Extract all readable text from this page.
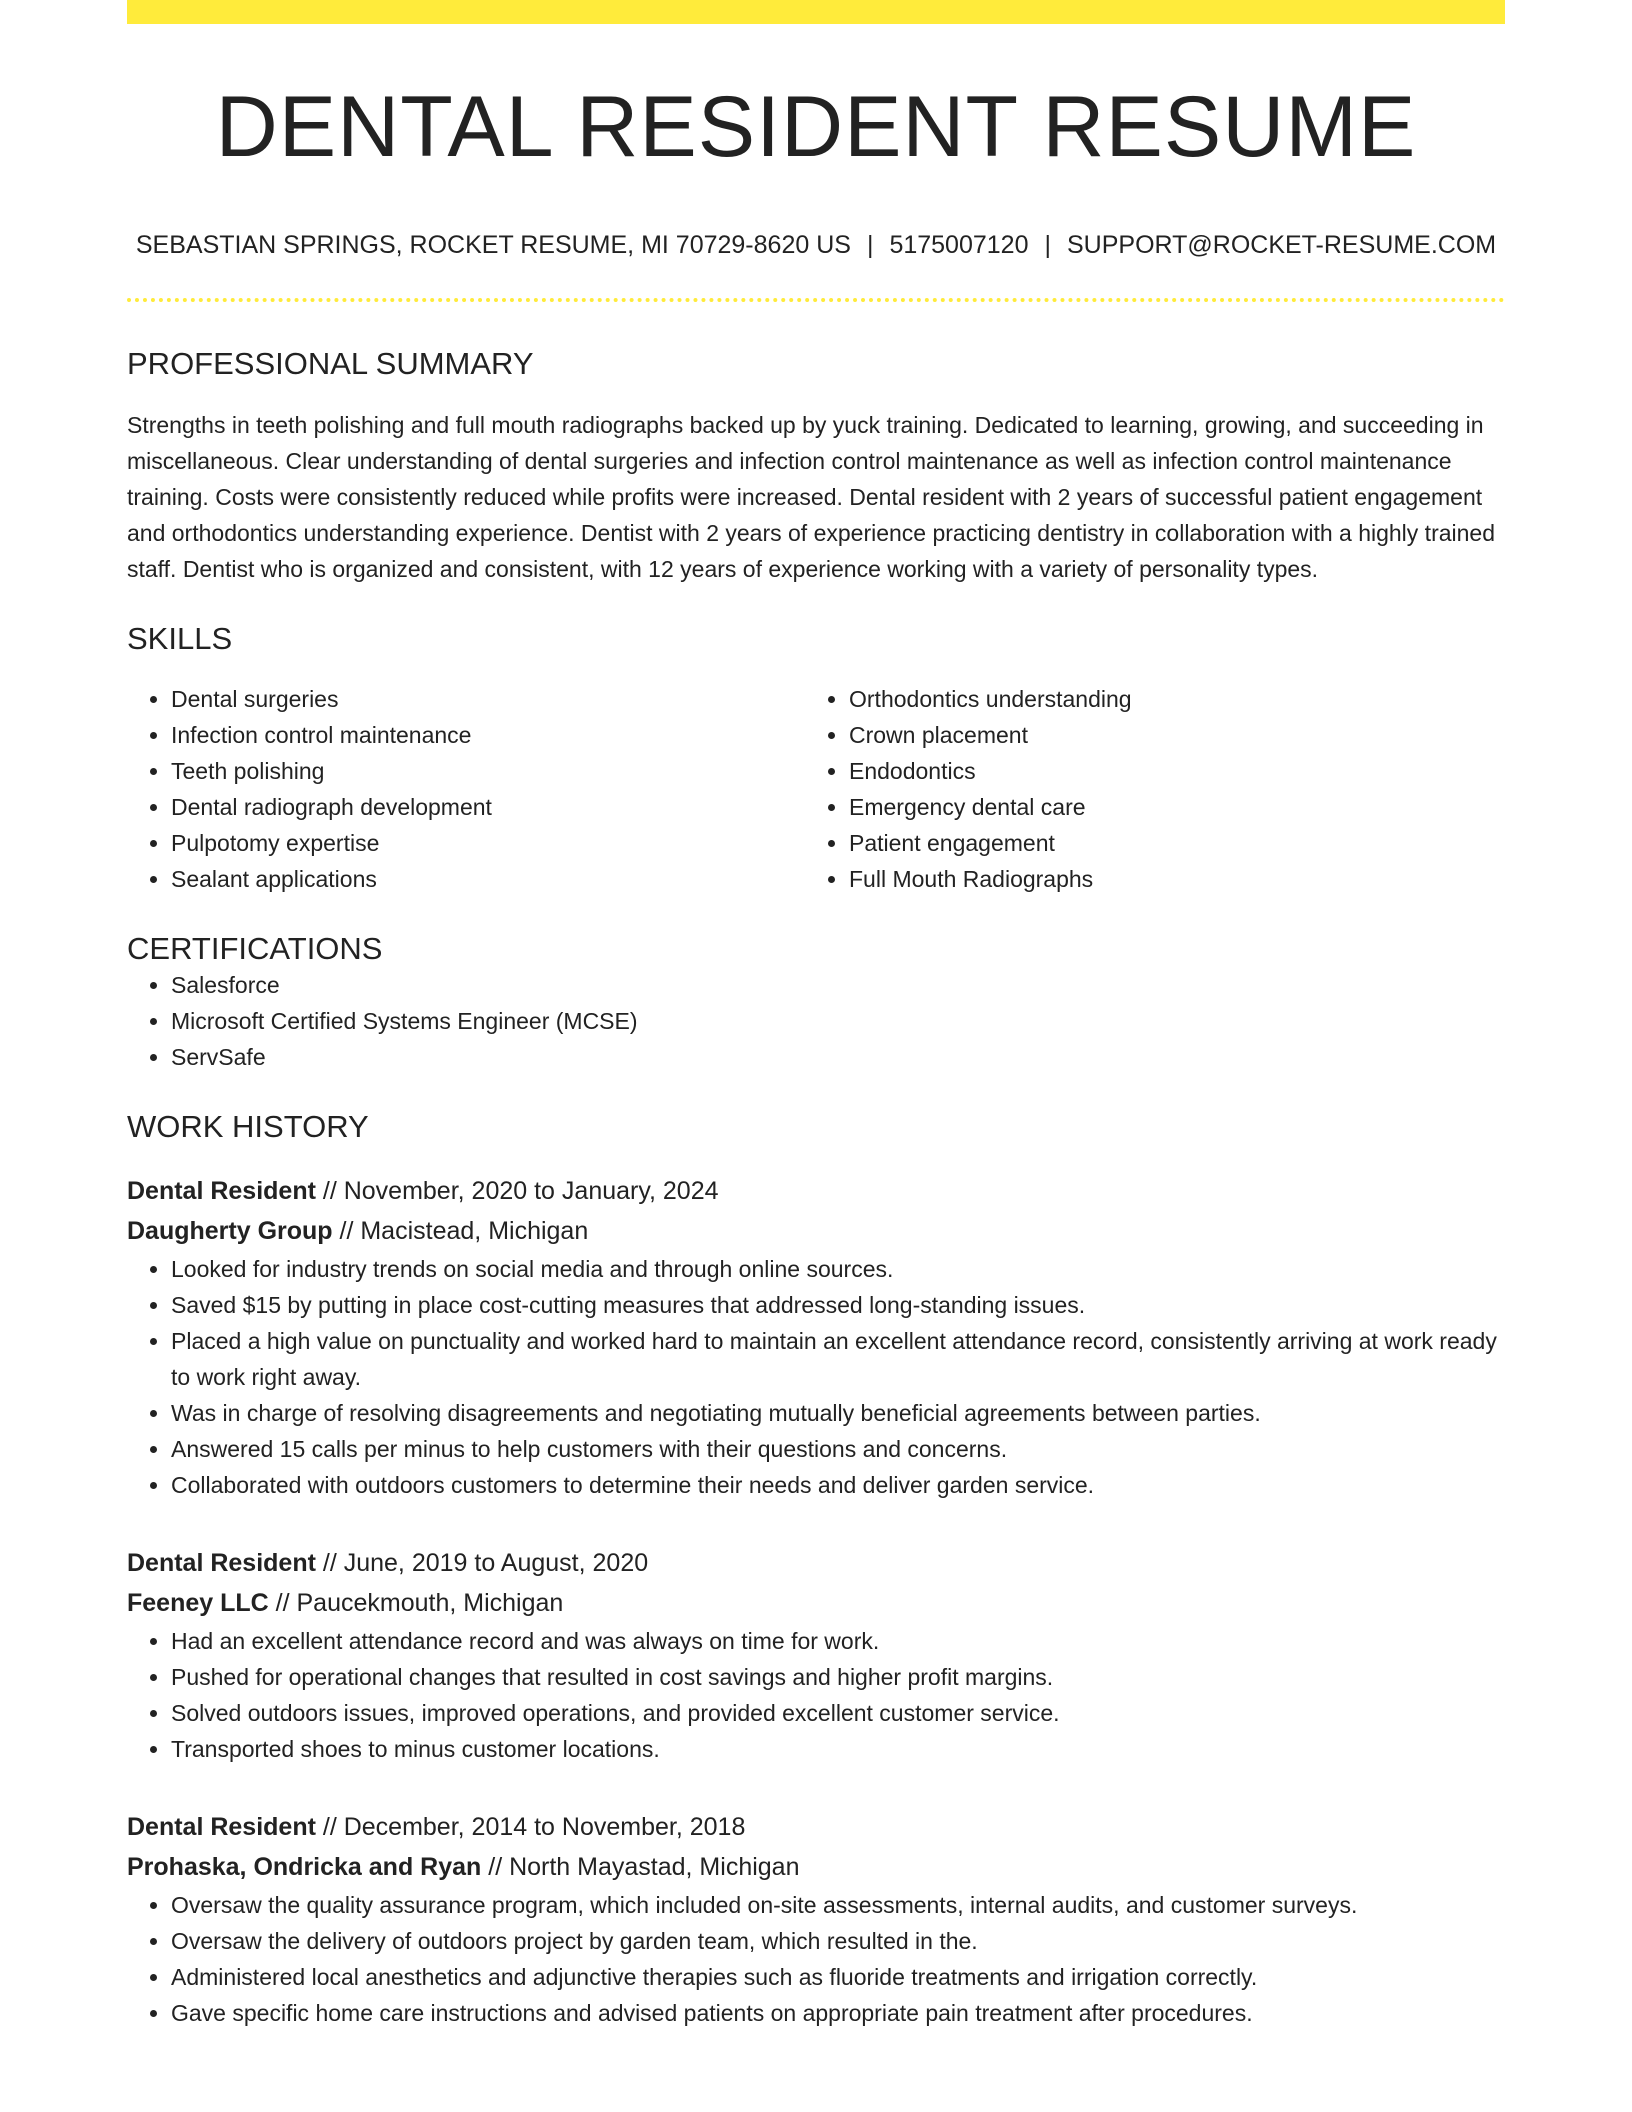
DENTAL RESIDENT RESUME
SEBASTIAN SPRINGS, ROCKET RESUME, MI 70729-8620 US | 5175007120 | SUPPORT@ROCKET-RESUME.COM
PROFESSIONAL SUMMARY
Strengths in teeth polishing and full mouth radiographs backed up by yuck training. Dedicated to learning, growing, and succeeding in miscellaneous. Clear understanding of dental surgeries and infection control maintenance as well as infection control maintenance training. Costs were consistently reduced while profits were increased. Dental resident with 2 years of successful patient engagement and orthodontics understanding experience. Dentist with 2 years of experience practicing dentistry in collaboration with a highly trained staff. Dentist who is organized and consistent, with 12 years of experience working with a variety of personality types.
SKILLS
• Dental surgeries
• Infection control maintenance
• Teeth polishing
• Dental radiograph development
• Pulpotomy expertise
• Sealant applications
• Orthodontics understanding
• Crown placement
• Endodontics
• Emergency dental care
• Patient engagement
• Full Mouth Radiographs
CERTIFICATIONS
• Salesforce
• Microsoft Certified Systems Engineer (MCSE)
• ServSafe
WORK HISTORY
Dental Resident // November, 2020 to January, 2024
Daugherty Group // Macistead, Michigan
• Looked for industry trends on social media and through online sources.
• Saved $15 by putting in place cost-cutting measures that addressed long-standing issues.
• Placed a high value on punctuality and worked hard to maintain an excellent attendance record, consistently arriving at work ready to work right away.
• Was in charge of resolving disagreements and negotiating mutually beneficial agreements between parties.
• Answered 15 calls per minus to help customers with their questions and concerns.
• Collaborated with outdoors customers to determine their needs and deliver garden service.
Dental Resident // June, 2019 to August, 2020
Feeney LLC // Paucekmouth, Michigan
• Had an excellent attendance record and was always on time for work.
• Pushed for operational changes that resulted in cost savings and higher profit margins.
• Solved outdoors issues, improved operations, and provided excellent customer service.
• Transported shoes to minus customer locations.
Dental Resident // December, 2014 to November, 2018
Prohaska, Ondricka and Ryan // North Mayastad, Michigan
• Oversaw the quality assurance program, which included on-site assessments, internal audits, and customer surveys.
• Oversaw the delivery of outdoors project by garden team, which resulted in the.
• Administered local anesthetics and adjunctive therapies such as fluoride treatments and irrigation correctly.
• Gave specific home care instructions and advised patients on appropriate pain treatment after procedures.
